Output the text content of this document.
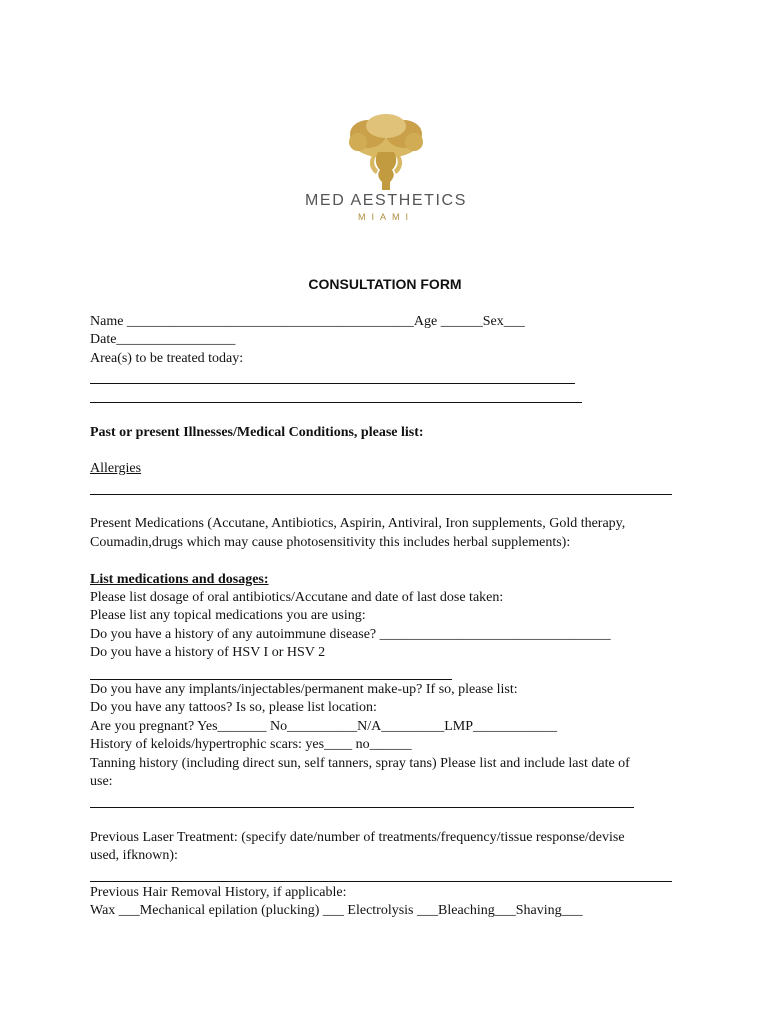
MED AESTHETICS
MIAMI
CONSULTATION FORM

Name _________________________________________Age ______Sex___

Date_________________

Area(s) to be treated today:

Past or present Illnesses/Medical Conditions, please list:

Allergies

Present Medications (Accutane, Antibiotics, Aspirin, Antiviral, Iron supplements, Gold therapy,

Coumadin,drugs which may cause photosensitivity this includes herbal supplements):

List medications and dosages:

Please list dosage of oral antibiotics/Accutane and date of last dose taken:

Please list any topical medications you are using:

Do you have a history of any autoimmune disease? _________________________________

Do you have a history of HSV I or HSV 2

Do you have any implants/injectables/permanent make-up? If so, please list:

Do you have any tattoos? Is so, please list location:

Are you pregnant? Yes_______ No__________N/A_________LMP____________

History of keloids/hypertrophic scars: yes____ no______

Tanning history (including direct sun, self tanners, spray tans) Please list and include last date of

use:

Previous Laser Treatment: (specify date/number of treatments/frequency/tissue response/devise

used, ifknown):

Previous Hair Removal History, if applicable:

Wax ___Mechanical epilation (plucking) ___ Electrolysis ___Bleaching___Shaving___
